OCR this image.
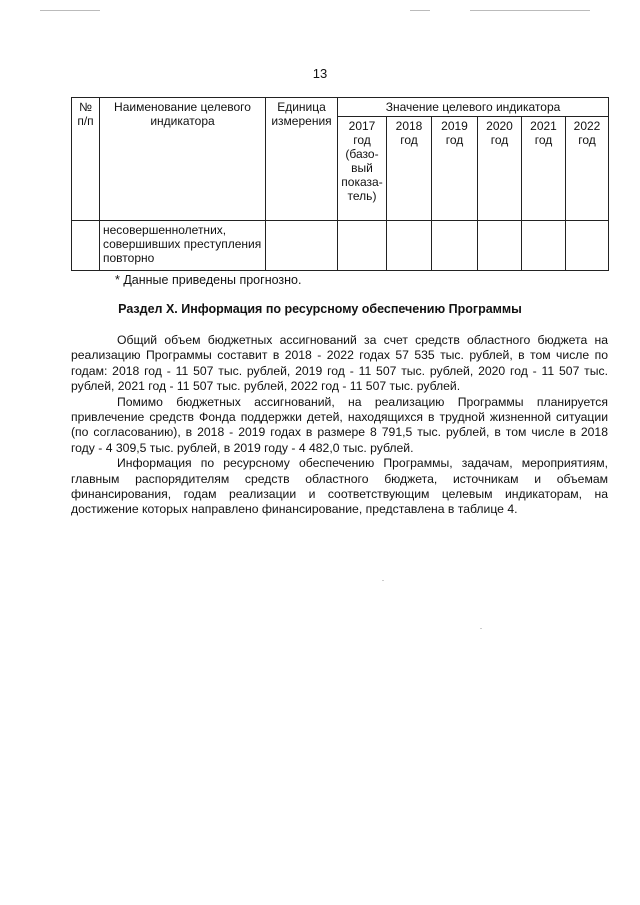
13
№ п/п	Наименование целевого индикатора	Единица измерения	Значение целевого индикатора					
			2017 год (базо-вый показа-тель)	2018 год	2019 год	2020 год	2021 год	2022 год
	несовершеннолетних, совершивших преступления повторно							
* Данные приведены прогнозно.
Раздел X. Информация по ресурсному обеспечению Программы

Общий объем бюджетных ассигнований за счет средств областного бюджета на реализацию Программы составит в 2018 - 2022 годах 57 535 тыс. рублей, в том числе по годам: 2018 год - 11 507 тыс. рублей, 2019 год - 11 507 тыс. рублей, 2020 год - 11 507 тыс. рублей, 2021 год - 11 507 тыс. рублей, 2022 год - 11 507 тыс. рублей.

Помимо бюджетных ассигнований, на реализацию Программы планируется привлечение средств Фонда поддержки детей, находящихся в трудной жизненной ситуации (по согласованию), в 2018 - 2019 годах в размере 8 791,5 тыс. рублей, в том числе в 2018 году - 4 309,5 тыс. рублей, в 2019 году - 4 482,0 тыс. рублей.

Информация по ресурсному обеспечению Программы, задачам, мероприятиям, главным распорядителям средств областного бюджета, источникам и объемам финансирования, годам реализации и соответствующим целевым индикаторам, на достижение которых направлено финансирование, представлена в таблице 4.
